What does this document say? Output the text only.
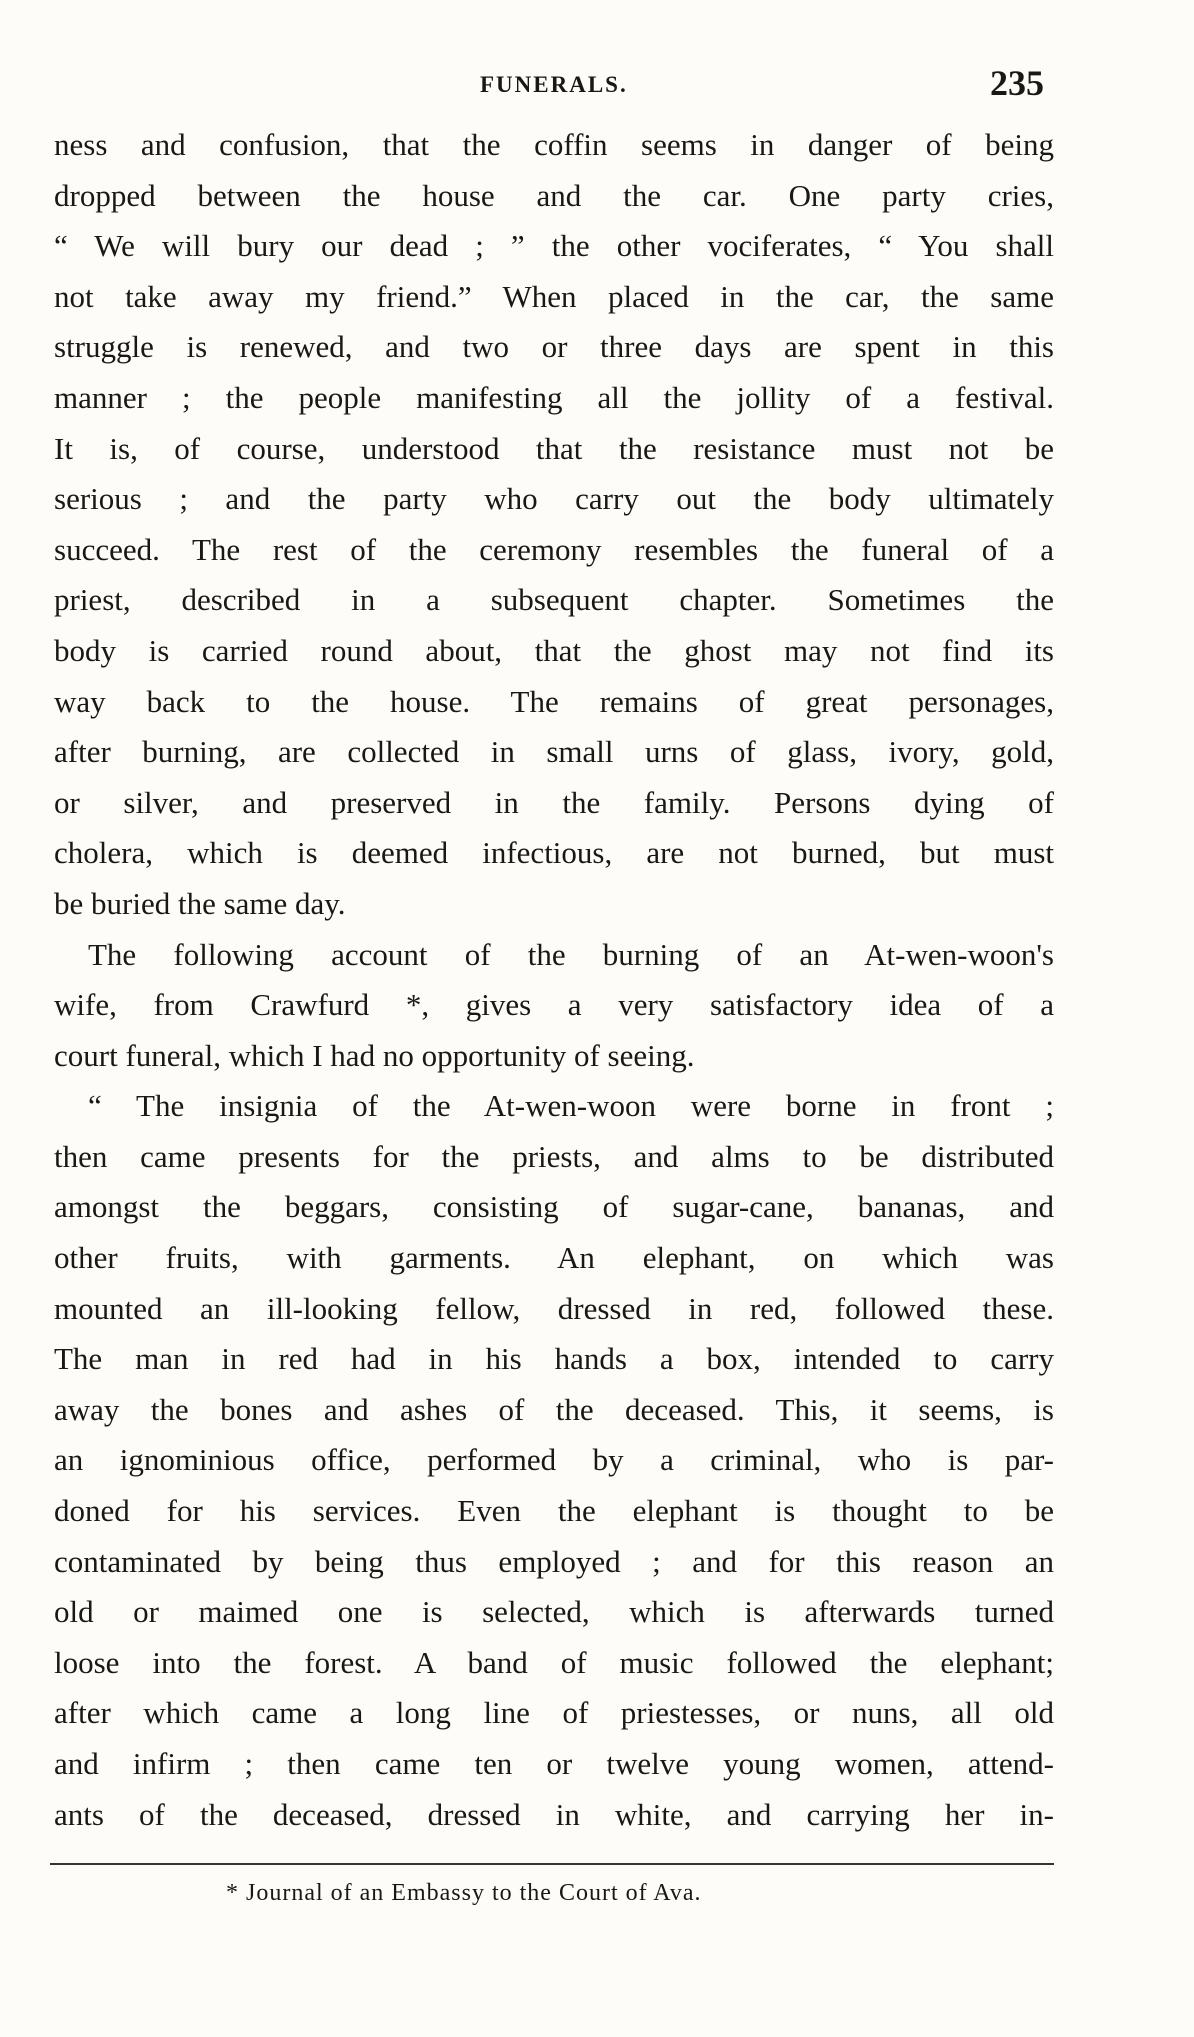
FUNERALS.	235
ness and confusion, that the coffin seems in danger of being
dropped between the house and the car. One party cries,
“ We will bury our dead ; ” the other vociferates, “ You shall
not take away my friend.” When placed in the car, the same
struggle is renewed, and two or three days are spent in this
manner ; the people manifesting all the jollity of a festival.
It is, of course, understood that the resistance must not be
serious ; and the party who carry out the body ultimately
succeed. The rest of the ceremony resembles the funeral of a
priest, described in a subsequent chapter. Sometimes the
body is carried round about, that the ghost may not find its
way back to the house. The remains of great personages,
after burning, are collected in small urns of glass, ivory, gold,
or silver, and preserved in the family. Persons dying of
cholera, which is deemed infectious, are not burned, but must
be buried the same day.
The following account of the burning of an At-wen-woon's
wife, from Crawfurd *, gives a very satisfactory idea of a
court funeral, which I had no opportunity of seeing.
“ The insignia of the At-wen-woon were borne in front ;
then came presents for the priests, and alms to be distributed
amongst the beggars, consisting of sugar-cane, bananas, and
other fruits, with garments. An elephant, on which was
mounted an ill-looking fellow, dressed in red, followed these.
The man in red had in his hands a box, intended to carry
away the bones and ashes of the deceased. This, it seems, is
an ignominious office, performed by a criminal, who is par-
doned for his services. Even the elephant is thought to be
contaminated by being thus employed ; and for this reason an
old or maimed one is selected, which is afterwards turned
loose into the forest. A band of music followed the elephant;
after which came a long line of priestesses, or nuns, all old
and infirm ; then came ten or twelve young women, attend-
ants of the deceased, dressed in white, and carrying her in-
* Journal of an Embassy to the Court of Ava.
